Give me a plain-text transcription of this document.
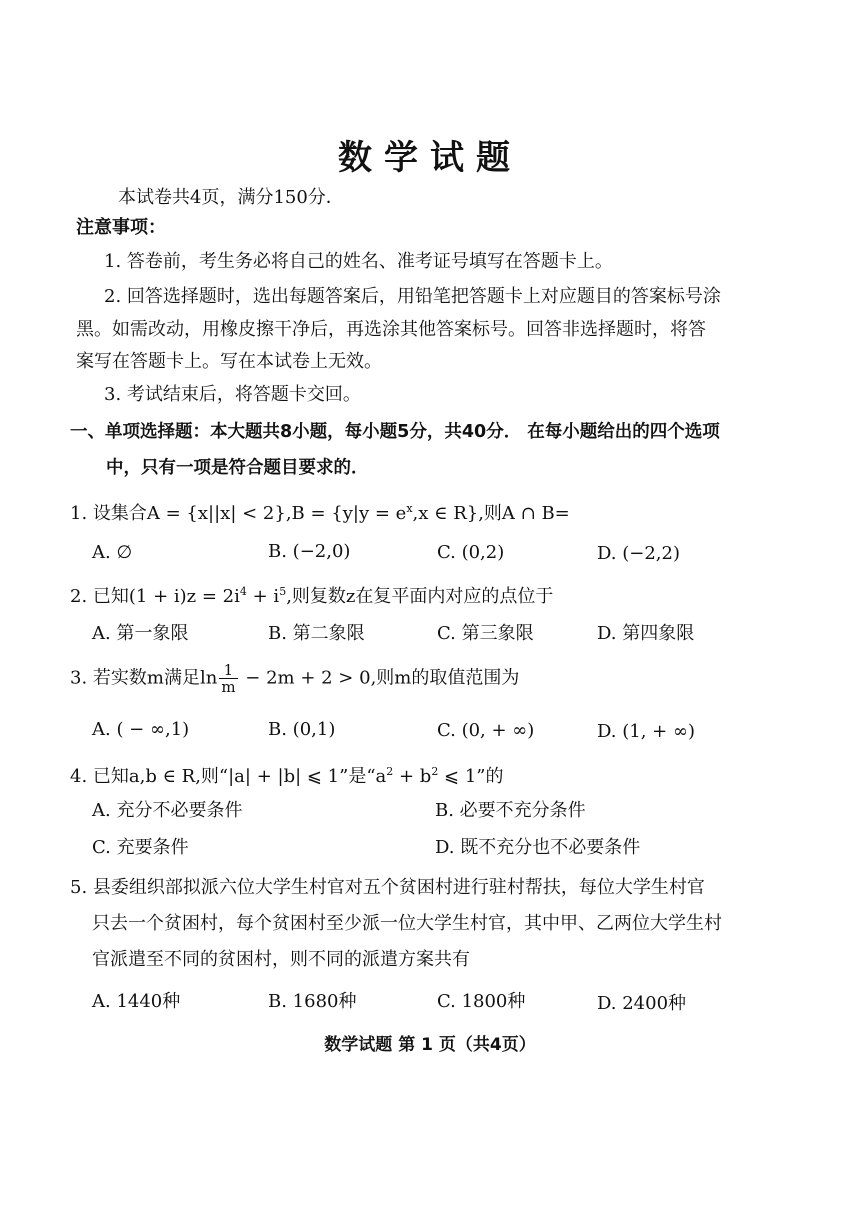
数学试题
本试卷共4页，满分150分．
注意事项：
1. 答卷前，考生务必将自己的姓名、准考证号填写在答题卡上。
2. 回答选择题时，选出每题答案后，用铅笔把答题卡上对应题目的答案标号涂
黑。如需改动，用橡皮擦干净后，再选涂其他答案标号。回答非选择题时，将答
案写在答题卡上。写在本试卷上无效。
3. 考试结束后，将答题卡交回。
一、单项选择题：本大题共8小题，每小题5分，共40分． 在每小题给出的四个选项
中，只有一项是符合题目要求的．
1. 设集合$A = \{x||x| < 2\},B = \{y|y = e^x,x$ ∈ R},则A ∩ B=
A. ∅	B. (−2,0)	C. (0,2)	D. (−2,2)
2. 已知$(1 + i)z = 2i^4 + i^5$,则复数z在复平面内对应的点位于
A. 第一象限	B. 第二象限	C. 第三象限	D. 第四象限
3. 若实数m满足$\ln \frac{1}{m} - 2m + 2 > 0$,则m的取值范围为
A. ( − ∞,1)	B. (0,1)	C. (0, + ∞)	D. (1, + ∞)
4. 已知a,b ∈ R,则“|a| + |b| ⩽ 1”是“$a^2 + b^2$ ⩽ 1”的
A. 充分不必要条件	B. 必要不充分条件
C. 充要条件	D. 既不充分也不必要条件
5. 县委组织部拟派六位大学生村官对五个贫困村进行驻村帮扶，每位大学生村官
只去一个贫困村，每个贫困村至少派一位大学生村官，其中甲、乙两位大学生村
官派遣至不同的贫困村，则不同的派遣方案共有
A. 1440种	B. 1680种	C. 1800种	D. 2400种
数学试题 第 1 页（共4页）
